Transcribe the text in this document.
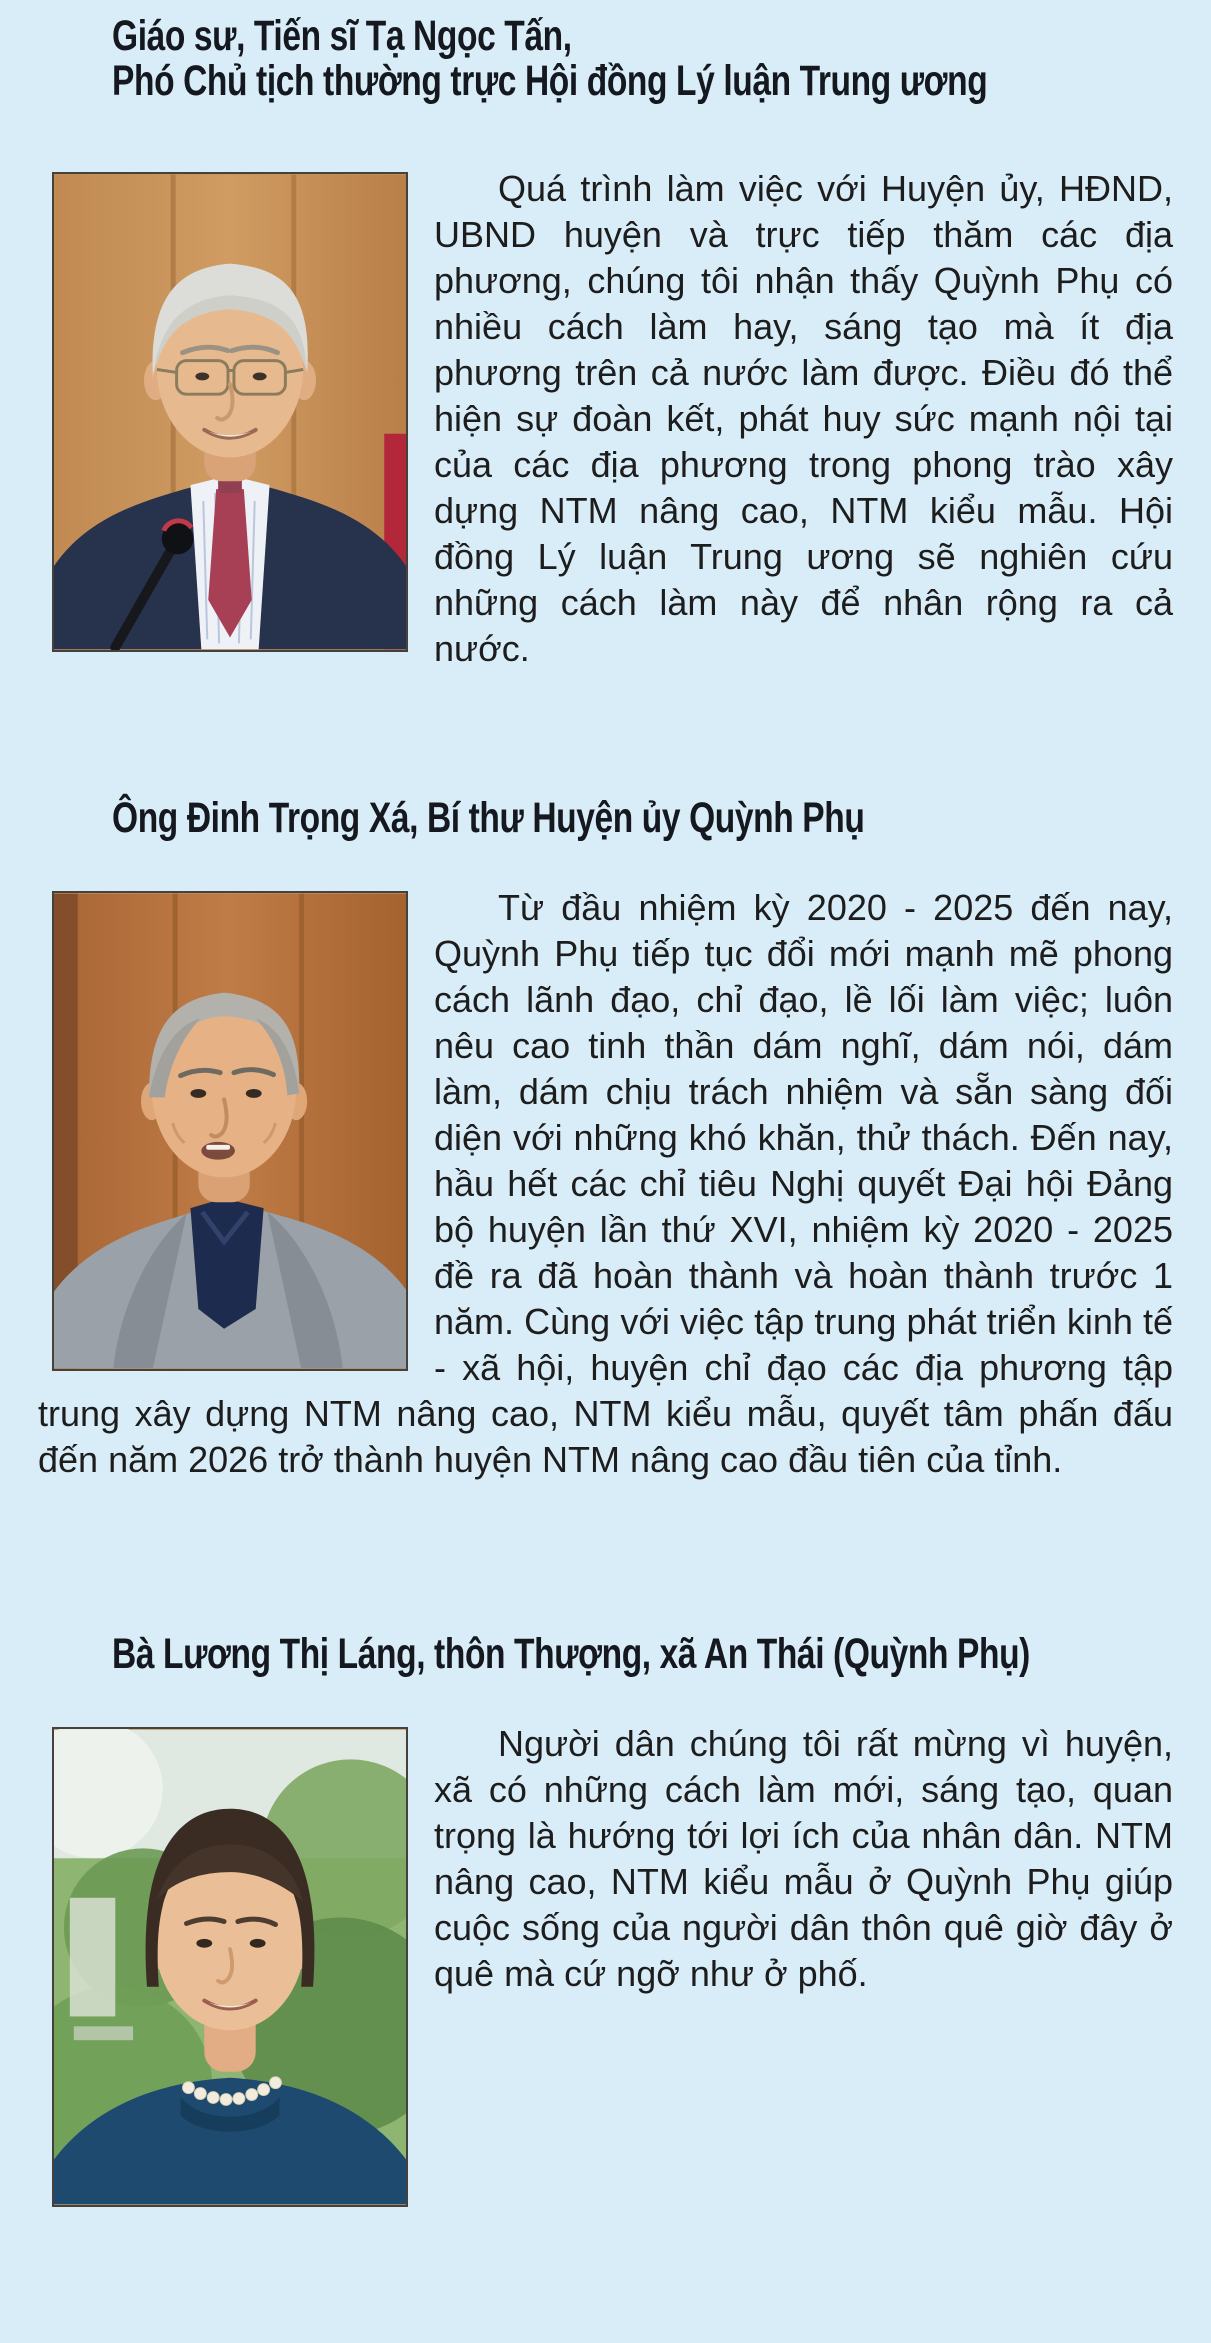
Giáo sư, Tiến sĩ Tạ Ngọc Tấn,
Phó Chủ tịch thường trực Hội đồng Lý luận Trung ương

Quá trình làm việc với Huyện ủy, HĐND, UBND huyện và trực tiếp thăm các địa phương, chúng tôi nhận thấy Quỳnh Phụ có nhiều cách làm hay, sáng tạo mà ít địa phương trên cả nước làm được. Điều đó thể hiện sự đoàn kết, phát huy sức mạnh nội tại của các địa phương trong phong trào xây dựng NTM nâng cao, NTM kiểu mẫu. Hội đồng Lý luận Trung ương sẽ nghiên cứu những cách làm này để nhân rộng ra cả nước.

Ông Đinh Trọng Xá, Bí thư Huyện ủy Quỳnh Phụ

Từ đầu nhiệm kỳ 2020 - 2025 đến nay, Quỳnh Phụ tiếp tục đổi mới mạnh mẽ phong cách lãnh đạo, chỉ đạo, lề lối làm việc; luôn nêu cao tinh thần dám nghĩ, dám nói, dám làm, dám chịu trách nhiệm và sẵn sàng đối diện với những khó khăn, thử thách. Đến nay, hầu hết các chỉ tiêu Nghị quyết Đại hội Đảng bộ huyện lần thứ XVI, nhiệm kỳ 2020 - 2025 đề ra đã hoàn thành và hoàn thành trước 1 năm. Cùng với việc tập trung phát triển kinh tế - xã hội, huyện chỉ đạo các địa phương tập trung xây dựng NTM nâng cao, NTM kiểu mẫu, quyết tâm phấn đấu đến năm 2026 trở thành huyện NTM nâng cao đầu tiên của tỉnh.

Bà Lương Thị Láng, thôn Thượng, xã An Thái (Quỳnh Phụ)

Người dân chúng tôi rất mừng vì huyện, xã có những cách làm mới, sáng tạo, quan trọng là hướng tới lợi ích của nhân dân. NTM nâng cao, NTM kiểu mẫu ở Quỳnh Phụ giúp cuộc sống của người dân thôn quê giờ đây ở quê mà cứ ngỡ như ở phố.
